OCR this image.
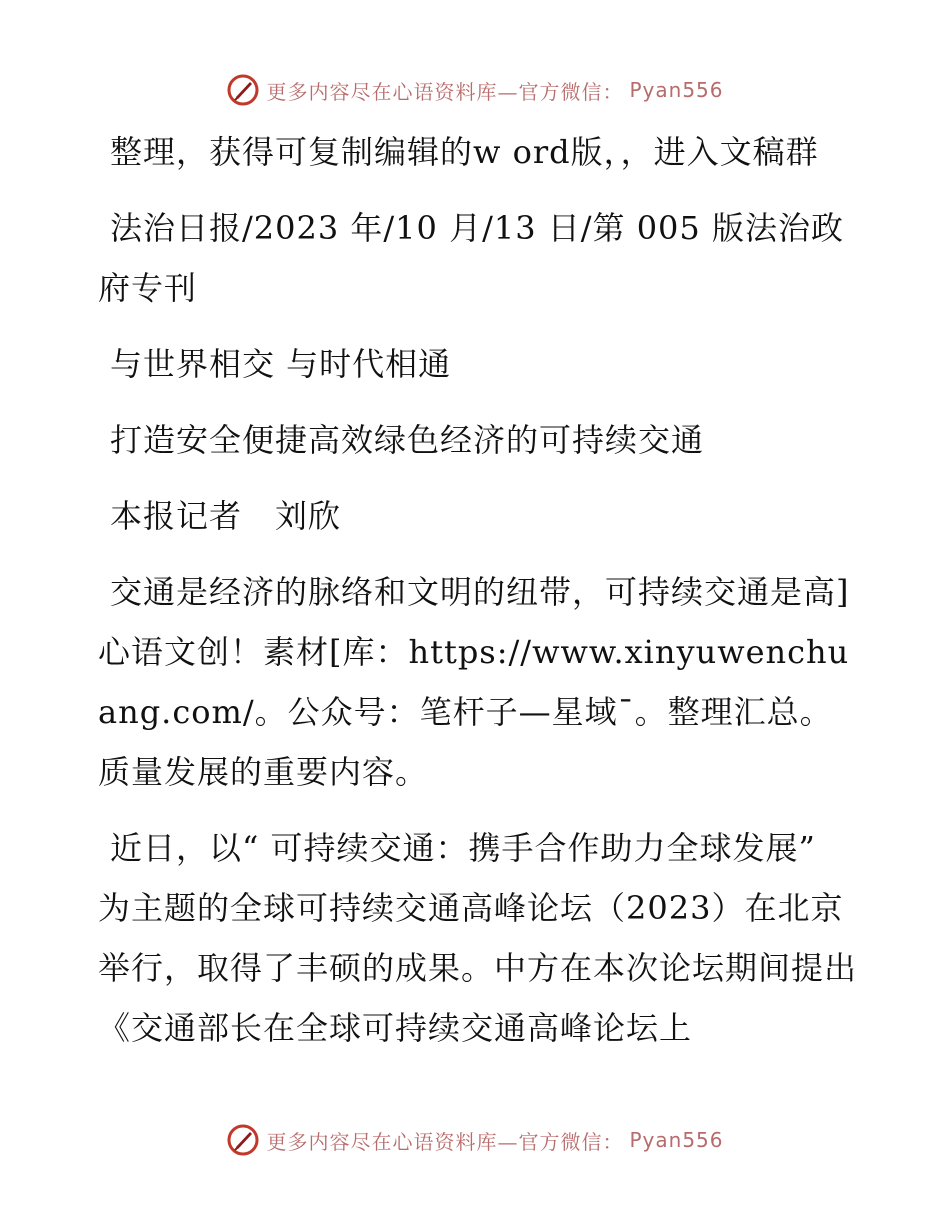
更多内容尽在心语资料库—官方微信： Pyan556

整理，获得可复制编辑的w ord版，，进入文稿群

法治日报/2023 年/10 月/13 日/第 005 版法治政府专刊

与世界相交 与时代相通

打造安全便捷高效绿色经济的可持续交通

本报记者　刘欣

交通是经济的脉络和文明的纽带，可持续交通是高]心语文创！素材[库：https://www.xinyuwenchuang.com/。公众号：笔杆子—星域¯。整理汇总。质量发展的重要内容。

近日，以“ 可持续交通：携手合作助力全球发展” 为主题的全球可持续交通高峰论坛（2023）在北京举行，取得了丰硕的成果。中方在本次论坛期间提出《交通部长在全球可持续交通高峰论坛上

更多内容尽在心语资料库—官方微信： Pyan556
